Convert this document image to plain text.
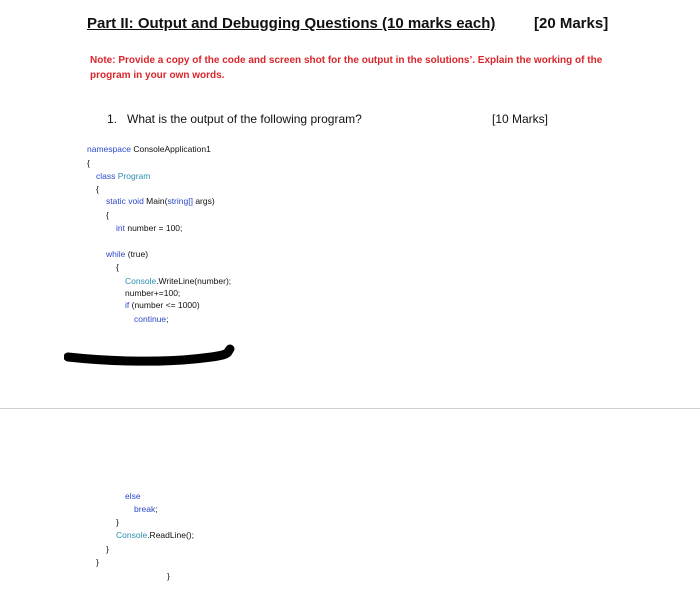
Part II: Output and Debugging Questions (10 marks each)	[20 Marks]
Note: Provide a copy of the code and screen shot for the output in the solutions’. Explain the working of the program in your own words.
1. What is the output of the following program?	[10 Marks]
namespace ConsoleApplication1
{
class Program
{
static void Main(string[] args)
{
int number = 100;
while (true)
{
Console.WriteLine(number);
number+=100;
if (number <= 1000)
continue;
else
break;
}
Console.ReadLine();
}
}
}
